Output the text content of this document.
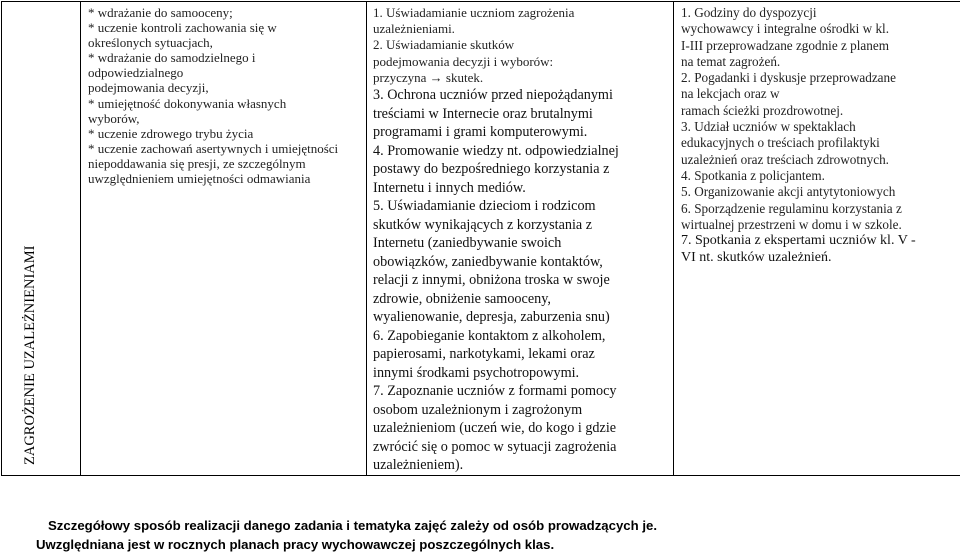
ZAGROŻENIE UZALEŻNIENIAMI

* wdrażanie do samooceny;
* uczenie kontroli zachowania się w
określonych sytuacjach,
* wdrażanie do samodzielnego i
odpowiedzialnego
podejmowania decyzji,
* umiejętność dokonywania własnych
wyborów,
* uczenie zdrowego trybu życia
* uczenie zachowań asertywnych i umiejętności
niepoddawania się presji, ze szczególnym
uwzględnieniem umiejętności odmawiania

1. Uświadamianie uczniom zagrożenia
uzależnieniami.
2. Uświadamianie skutków
podejmowania decyzji i wyborów:
przyczyna → skutek.
3. Ochrona uczniów przed niepożądanymi
treściami w Internecie oraz brutalnymi
programami i grami komputerowymi.
4. Promowanie wiedzy nt. odpowiedzialnej
postawy do bezpośredniego korzystania z
Internetu i innych mediów.
5. Uświadamianie dzieciom i rodzicom
skutków wynikających z korzystania z
Internetu (zaniedbywanie swoich
obowiązków, zaniedbywanie kontaktów,
relacji z innymi, obniżona troska w swoje
zdrowie, obniżenie samooceny,
wyalienowanie, depresja, zaburzenia snu)
6. Zapobieganie kontaktom z alkoholem,
papierosami, narkotykami, lekami oraz
innymi środkami psychotropowymi.
7. Zapoznanie uczniów z formami pomocy
osobom uzależnionym i zagrożonym
uzależnieniom (uczeń wie, do kogo i gdzie
zwrócić się o pomoc w sytuacji zagrożenia
uzależnieniem).

1. Godziny do dyspozycji
wychowawcy i integralne ośrodki w kl.
I-III przeprowadzane zgodnie z planem
na temat zagrożeń.
2. Pogadanki i dyskusje przeprowadzane
na lekcjach oraz w
ramach ścieżki prozdrowotnej.
3. Udział uczniów w spektaklach
edukacyjnych o treściach profilaktyki
uzależnień oraz treściach zdrowotnych.
4. Spotkania z policjantem.
5. Organizowanie akcji antytytoniowych
6. Sporządzenie regulaminu korzystania z
wirtualnej przestrzeni w domu i w szkole.
7. Spotkania z ekspertami uczniów kl. V -
VI nt. skutków uzależnień.
Szczegółowy sposób realizacji danego zadania i tematyka zajęć zależy od osób prowadzących je.
Uwzględniana jest w rocznych planach pracy wychowawczej poszczególnych klas.
